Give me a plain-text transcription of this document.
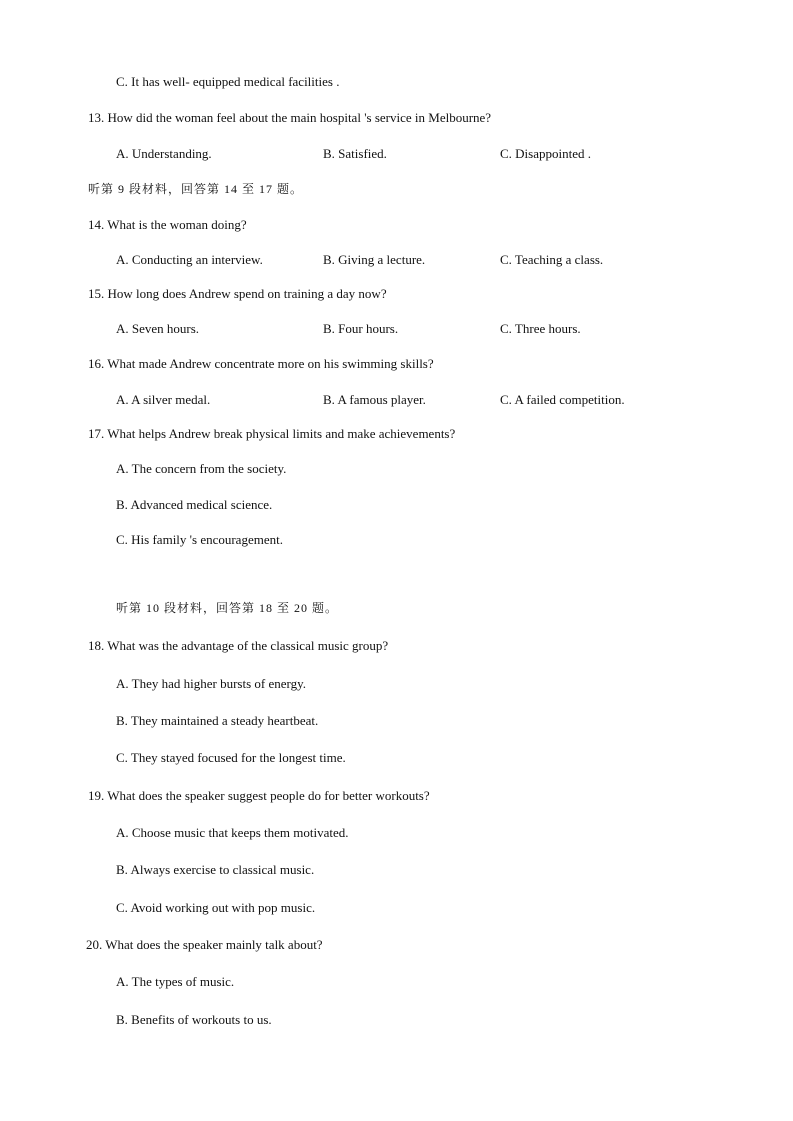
C. It has well- equipped medical facilities .
13. How did the woman feel about the main hospital 's service in Melbourne?
A. Understanding.	B. Satisfied.	C. Disappointed .
听第 9 段材料，回答第 14 至 17 题。
14. What is the woman doing?
A. Conducting an interview.	B. Giving a lecture.	C. Teaching a class.
15. How long does Andrew spend on training a day now?
A. Seven hours.	B. Four hours.	C. Three hours.
16. What made Andrew concentrate more on his swimming skills?
A. A silver medal.	B. A famous player.	C. A failed competition.
17. What helps Andrew break physical limits and make achievements?
A. The concern from the society.
B. Advanced medical science.
C. His family 's encouragement.
听第 10 段材料，回答第 18 至 20 题。
18. What was the advantage of the classical music group?
A. They had higher bursts of energy.
B. They maintained a steady heartbeat.
C. They stayed focused for the longest time.
19. What does the speaker suggest people do for better workouts?
A. Choose music that keeps them motivated.
B. Always exercise to classical music.
C. Avoid working out with pop music.
20. What does the speaker mainly talk about?
A. The types of music.
B. Benefits of workouts to us.
